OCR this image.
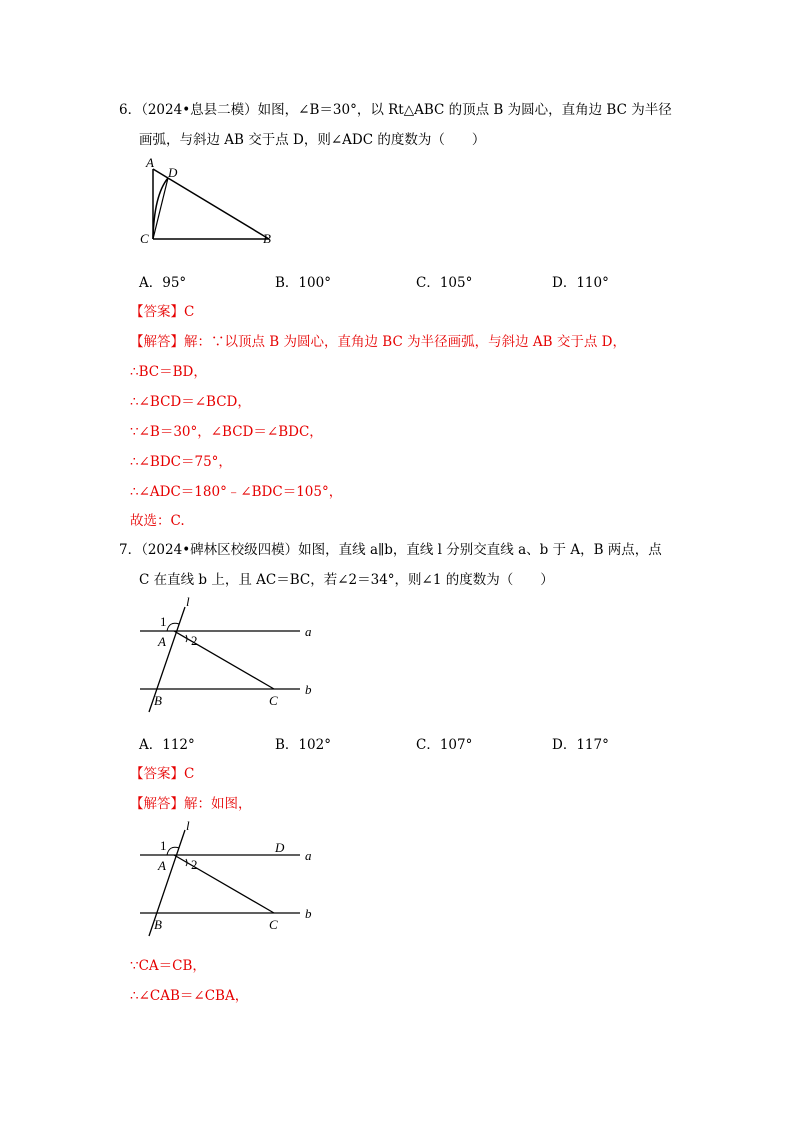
6．（2024•息县二模）如图，∠B＝30°，以 Rt△ABC 的顶点 B 为圆心，直角边 BC 为半径
画弧，与斜边 AB 交于点 D，则∠ADC 的度数为（　　）
A
D
C	B
A．95°	B．100°	C．105°	D．110°
【答案】C
【解答】解：∵以顶点 B 为圆心，直角边 BC 为半径画弧，与斜边 AB 交于点 D，
∴BC＝BD，
∴∠BCD＝∠BCD，
∵∠B＝30°，∠BCD＝∠BDC，
∴∠BDC＝75°，
∴∠ADC＝180°﹣∠BDC＝105°，
故选：C.
7．（2024•碑林区校级四模）如图，直线 a∥b，直线 l 分别交直线 a、b 于 A，B 两点，点
C 在直线 b 上，且 AC＝BC，若∠2＝34°，则∠1 的度数为（　　）
l
1
2
A
a
B	C
b
A．112°	B．102°	C．107°	D．117°
【答案】C
【解答】解：如图，
l
1
2
A
D
a
B	C
b
∵CA＝CB，
∴∠CAB＝∠CBA，
